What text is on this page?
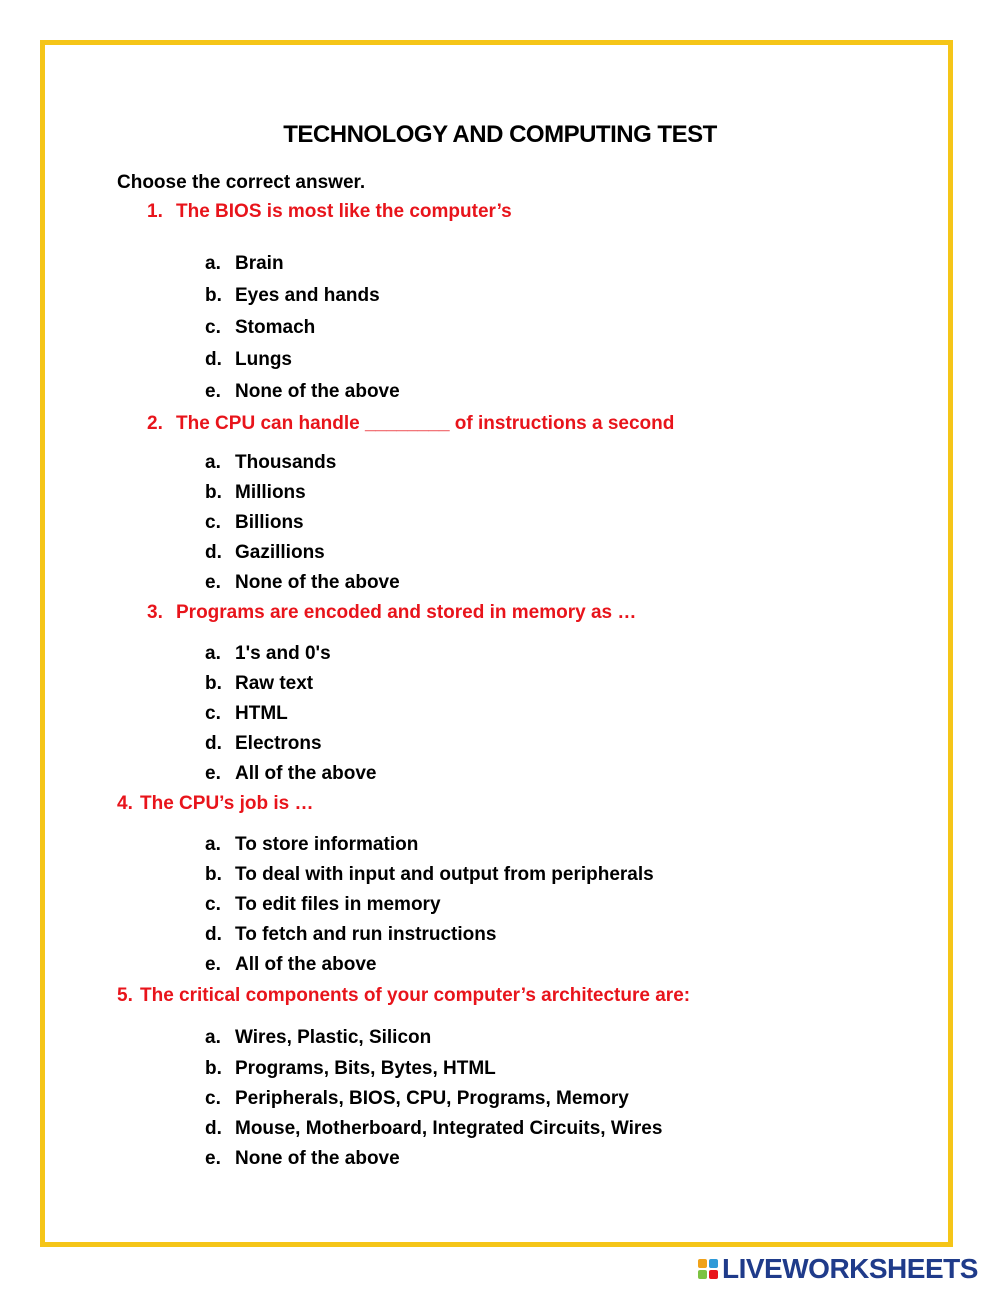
TECHNOLOGY AND COMPUTING TEST
Choose the correct answer.
1. The BIOS is most like the computer’s
a. Brain
b. Eyes and hands
c. Stomach
d. Lungs
e. None of the above
2. The CPU can handle ________ of instructions a second
a. Thousands
b. Millions
c. Billions
d. Gazillions
e. None of the above
3. Programs are encoded and stored in memory as …
a. 1's and 0's
b. Raw text
c. HTML
d. Electrons
e. All of the above
4. The CPU’s job is …
a. To store information
b. To deal with input and output from peripherals
c. To edit files in memory
d. To fetch and run instructions
e. All of the above
5. The critical components of your computer’s architecture are:
a. Wires, Plastic, Silicon
b. Programs, Bits, Bytes, HTML
c. Peripherals, BIOS, CPU, Programs, Memory
d. Mouse, Motherboard, Integrated Circuits, Wires
e. None of the above
LIVEWORKSHEETS
